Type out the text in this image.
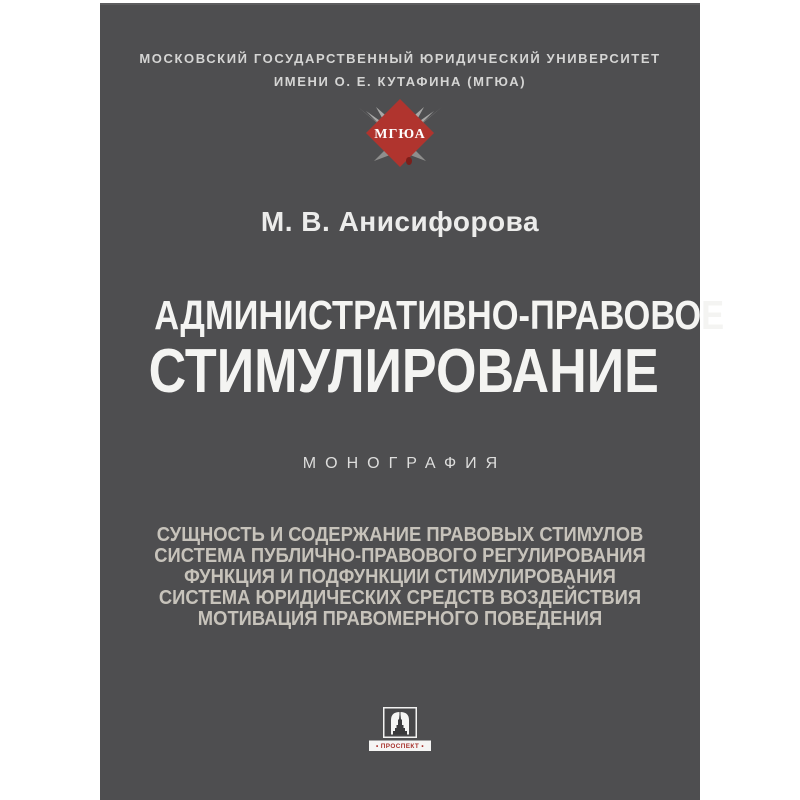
МОСКОВСКИЙ ГОСУДАРСТВЕННЫЙ ЮРИДИЧЕСКИЙ УНИВЕРСИТЕТ
ИМЕНИ О. Е. КУТАФИНА (МГЮА)
МГЮА
М. В. Анисифорова
АДМИНИСТРАТИВНО-ПРАВОВОЕ
СТИМУЛИРОВАНИЕ
МОНОГРАФИЯ
СУЩНОСТЬ И СОДЕРЖАНИЕ ПРАВОВЫХ СТИМУЛОВ
СИСТЕМА ПУБЛИЧНО-ПРАВОВОГО РЕГУЛИРОВАНИЯ
ФУНКЦИЯ И ПОДФУНКЦИИ СТИМУЛИРОВАНИЯ
СИСТЕМА ЮРИДИЧЕСКИХ СРЕДСТВ ВОЗДЕЙСТВИЯ
МОТИВАЦИЯ ПРАВОМЕРНОГО ПОВЕДЕНИЯ
• ПРОСПЕКТ •
